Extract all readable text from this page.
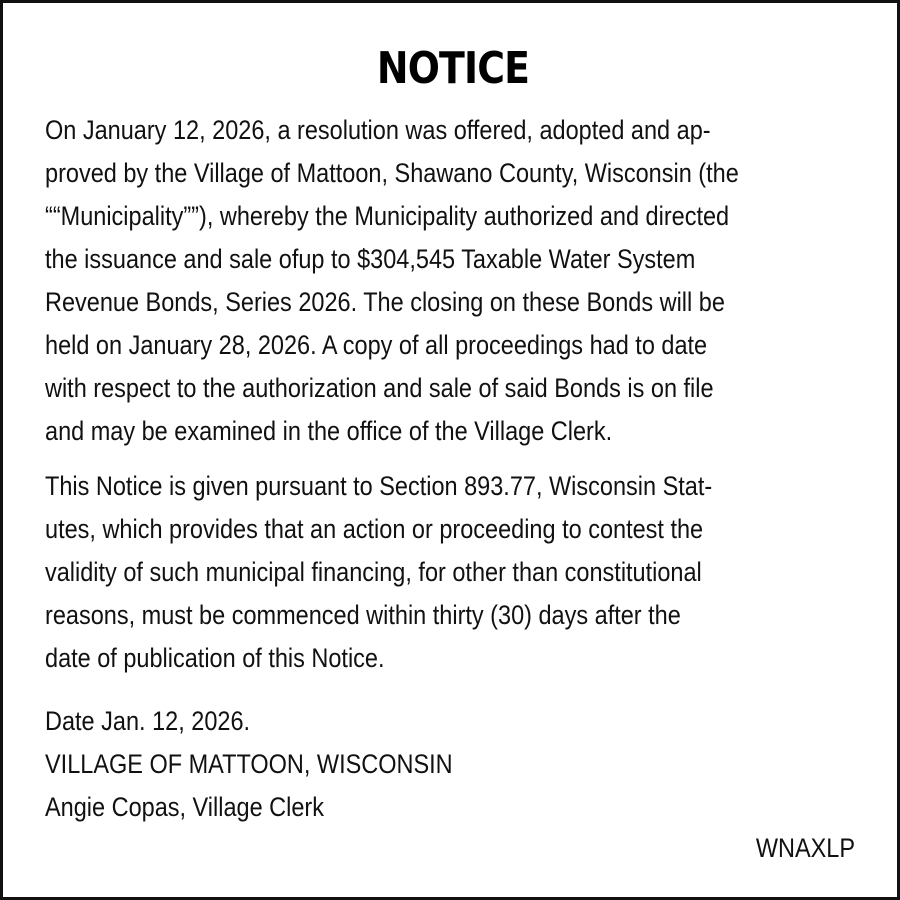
NOTICE
On January 12, 2026, a resolution was offered, adopted and ap-
proved by the Village of Mattoon, Shawano County, Wisconsin (the
““Municipality””), whereby the Municipality authorized and directed
the issuance and sale ofup to $304,545 Taxable Water System
Revenue Bonds, Series 2026. The closing on these Bonds will be
held on January 28, 2026. A copy of all proceedings had to date
with respect to the authorization and sale of said Bonds is on file
and may be examined in the office of the Village Clerk.
This Notice is given pursuant to Section 893.77, Wisconsin Stat-
utes, which provides that an action or proceeding to contest the
validity of such municipal financing, for other than constitutional
reasons, must be commenced within thirty (30) days after the
date of publication of this Notice.
Date Jan. 12, 2026.
VILLAGE OF MATTOON, WISCONSIN
Angie Copas, Village Clerk
WNAXLP
